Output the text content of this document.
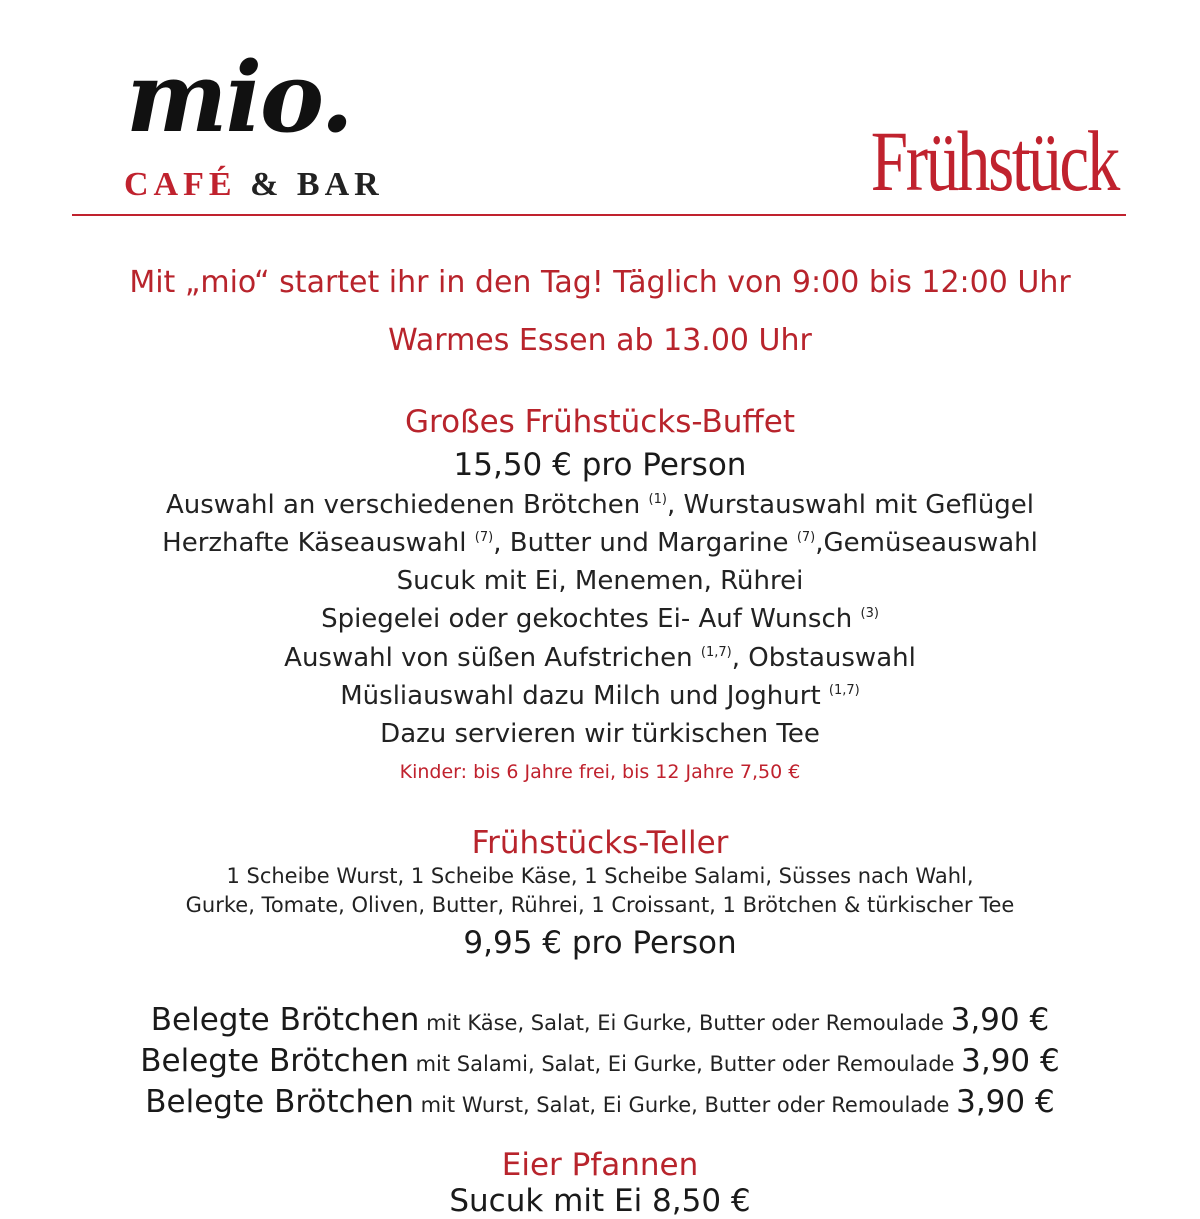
mio.
CAFÉ & BAR	Frühstück
Mit „mio“ startet ihr in den Tag! Täglich von 9:00 bis 12:00 Uhr
Warmes Essen ab 13.00 Uhr
Großes Frühstücks-Buffet
15,50 € pro Person
Auswahl an verschiedenen Brötchen $^{(1)}$, Wurstauswahl mit Geflügel
Herzhafte Käseauswahl $^{(7)}$, Butter und Margarine $^{(7)}$,Gemüseauswahl
Sucuk mit Ei, Menemen, Rührei
Spiegelei oder gekochtes Ei- Auf Wunsch $^{(3)}$
Auswahl von süßen Aufstrichen $^{(1,7)}$, Obstauswahl
Müsliauswahl dazu Milch und Joghurt $^{(1,7)}$
Dazu servieren wir türkischen Tee
Kinder: bis 6 Jahre frei, bis 12 Jahre 7,50 €
Frühstücks-Teller
1 Scheibe Wurst, 1 Scheibe Käse, 1 Scheibe Salami, Süsses nach Wahl,
Gurke, Tomate, Oliven, Butter, Rührei, 1 Croissant, 1 Brötchen & türkischer Tee
9,95 € pro Person
Belegte Brötchen mit Käse, Salat, Ei Gurke, Butter oder Remoulade 3,90 €
Belegte Brötchen mit Salami, Salat, Ei Gurke, Butter oder Remoulade 3,90 €
Belegte Brötchen mit Wurst, Salat, Ei Gurke, Butter oder Remoulade 3,90 €
Eier Pfannen
Sucuk mit Ei 8,50 €
